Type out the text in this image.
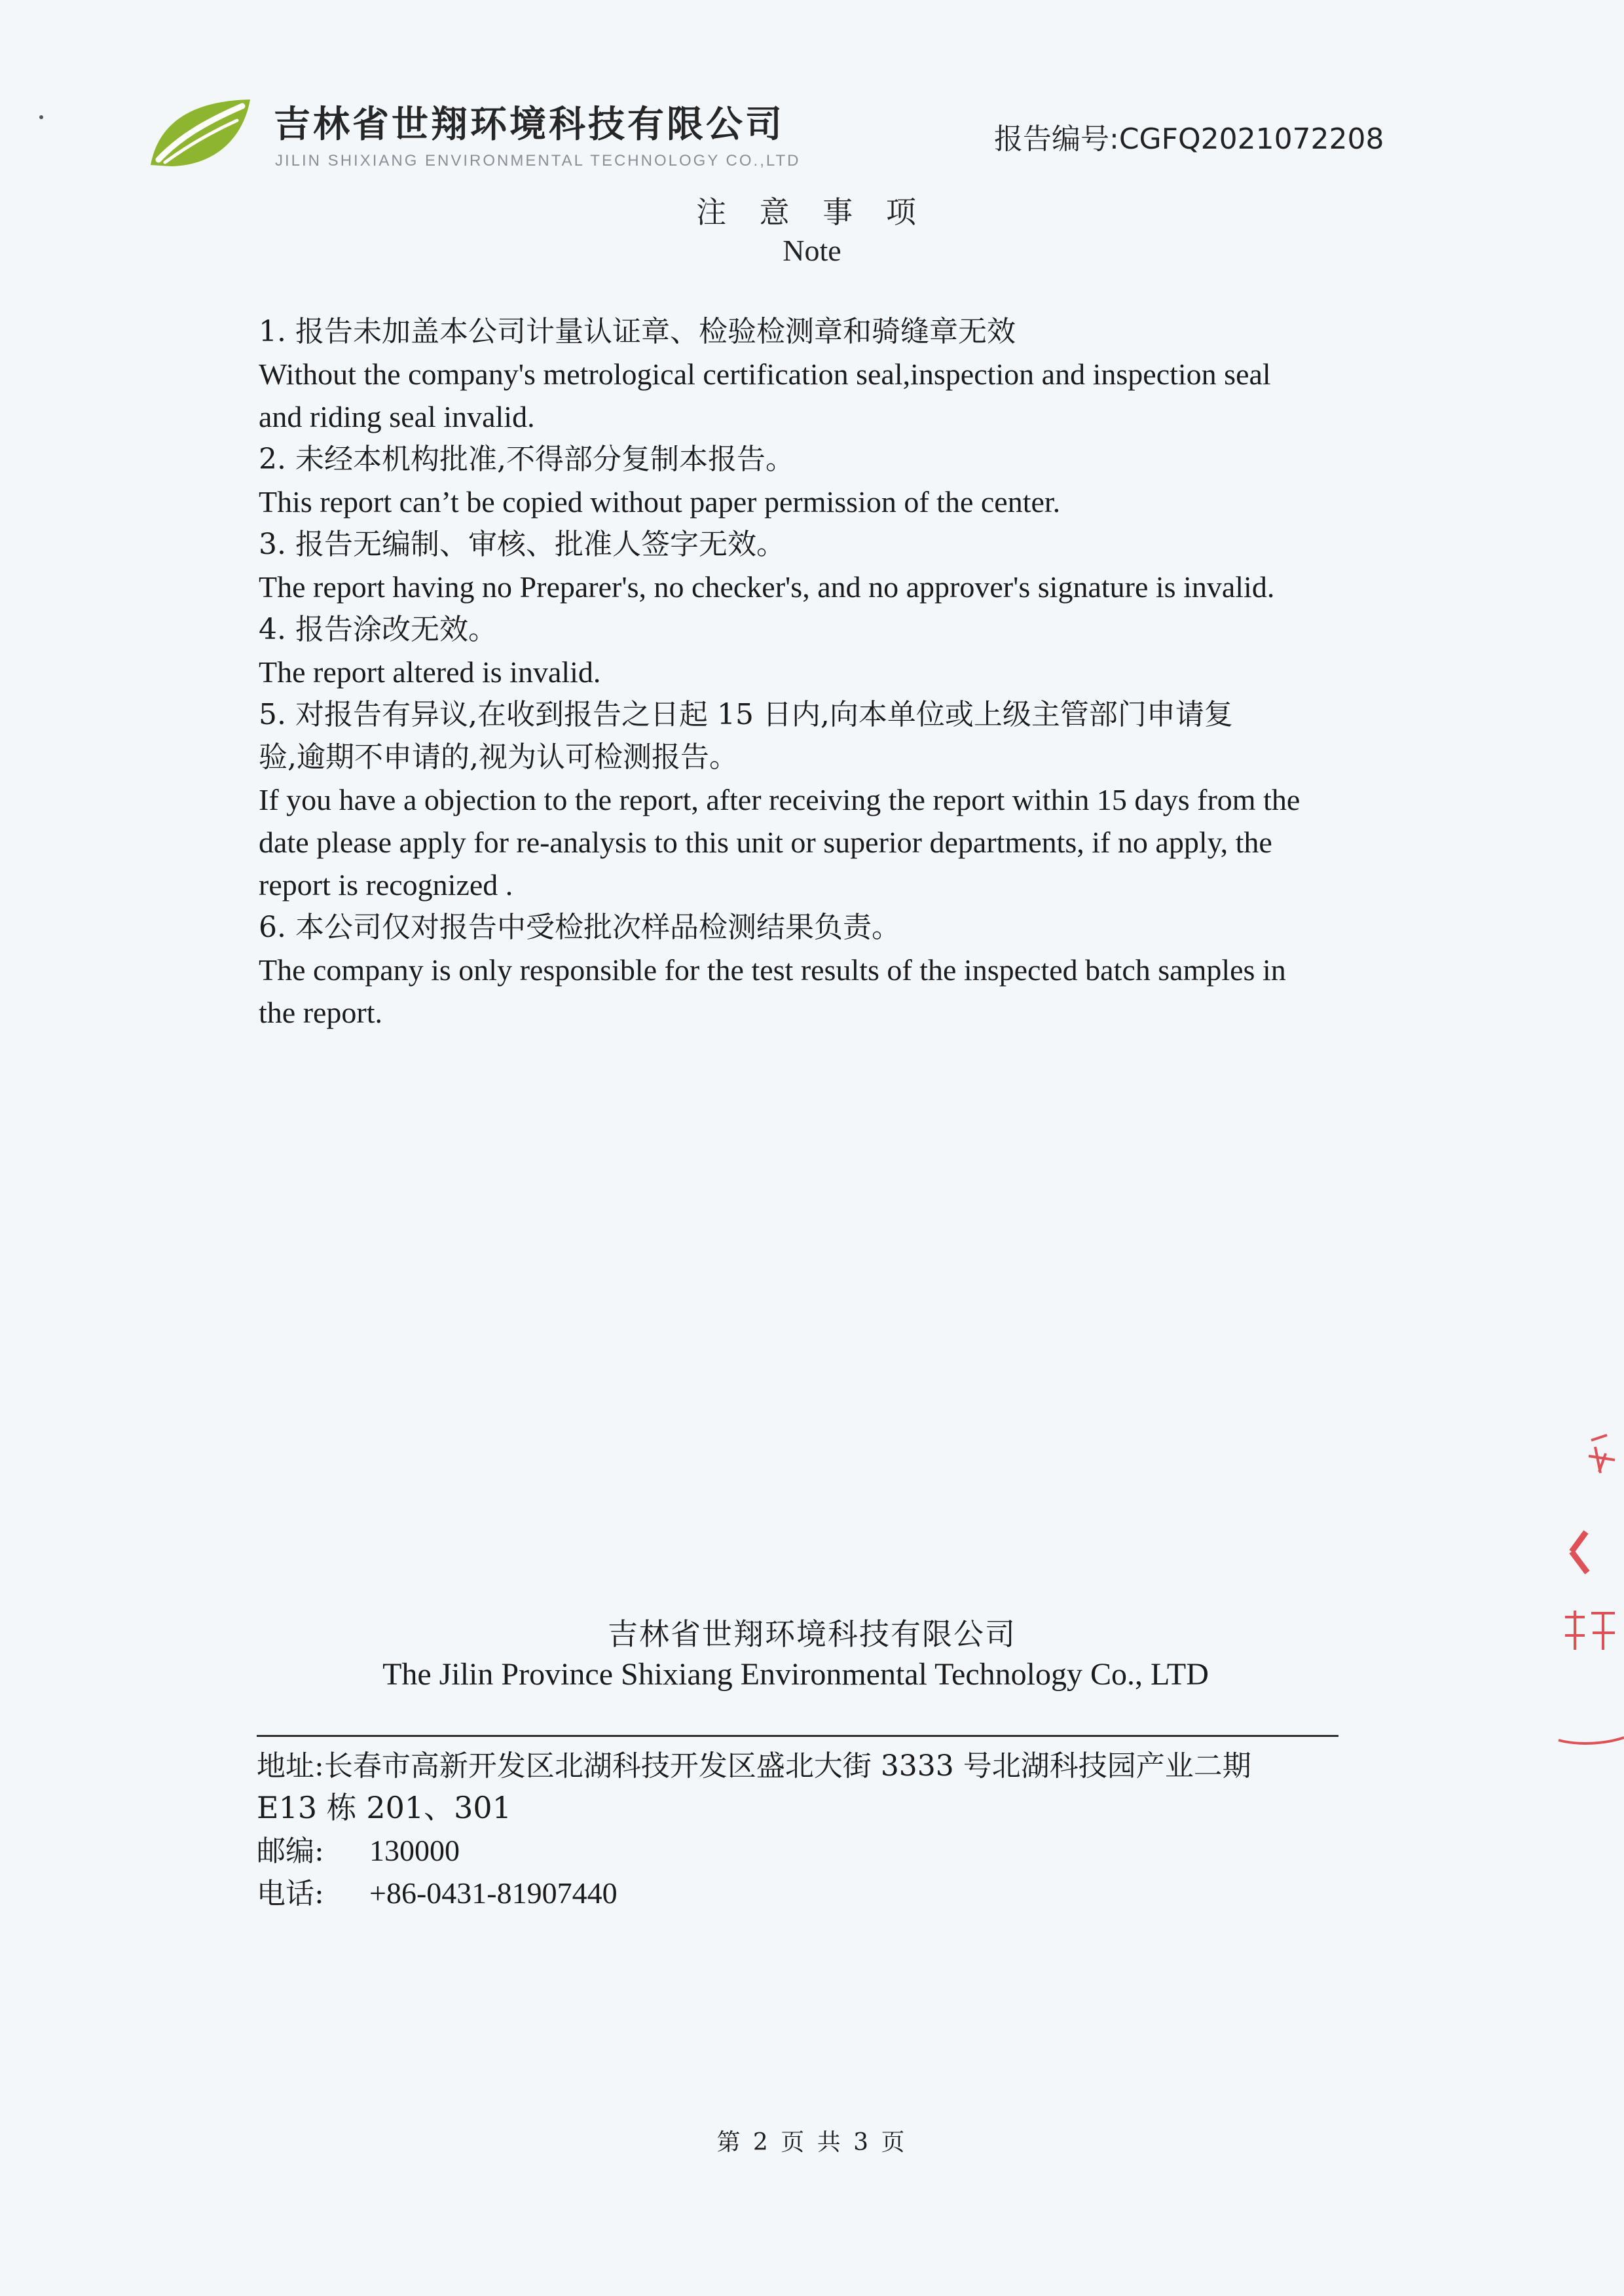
吉林省世翔环境科技有限公司
JILIN SHIXIANG ENVIRONMENTAL TECHNOLOGY CO.,LTD
报告编号:CGFQ2021072208
注 意 事 项
Note
1. 报告未加盖本公司计量认证章、检验检测章和骑缝章无效
Without the company's metrological certification seal,inspection and inspection seal
and riding seal invalid.
2. 未经本机构批准,不得部分复制本报告。
This report can’t be copied without paper permission of the center.
3. 报告无编制、审核、批准人签字无效。
The report having no Preparer's, no checker's, and no approver's signature is invalid.
4. 报告涂改无效。
The report altered is invalid.
5. 对报告有异议,在收到报告之日起 15 日内,向本单位或上级主管部门申请复
验,逾期不申请的,视为认可检测报告。
If you have a objection to the report, after receiving the report within 15 days from the
date please apply for re-analysis to this unit or superior departments, if no apply, the
report is recognized .
6. 本公司仅对报告中受检批次样品检测结果负责。
The company is only responsible for the test results of the inspected batch samples in
the report.
吉林省世翔环境科技有限公司
The Jilin Province Shixiang Environmental Technology Co., LTD
地址:长春市高新开发区北湖科技开发区盛北大街 3333 号北湖科技园产业二期
E13 栋 201、301
邮编: 130000
电话: +86-0431-81907440
第 2 页 共 3 页
